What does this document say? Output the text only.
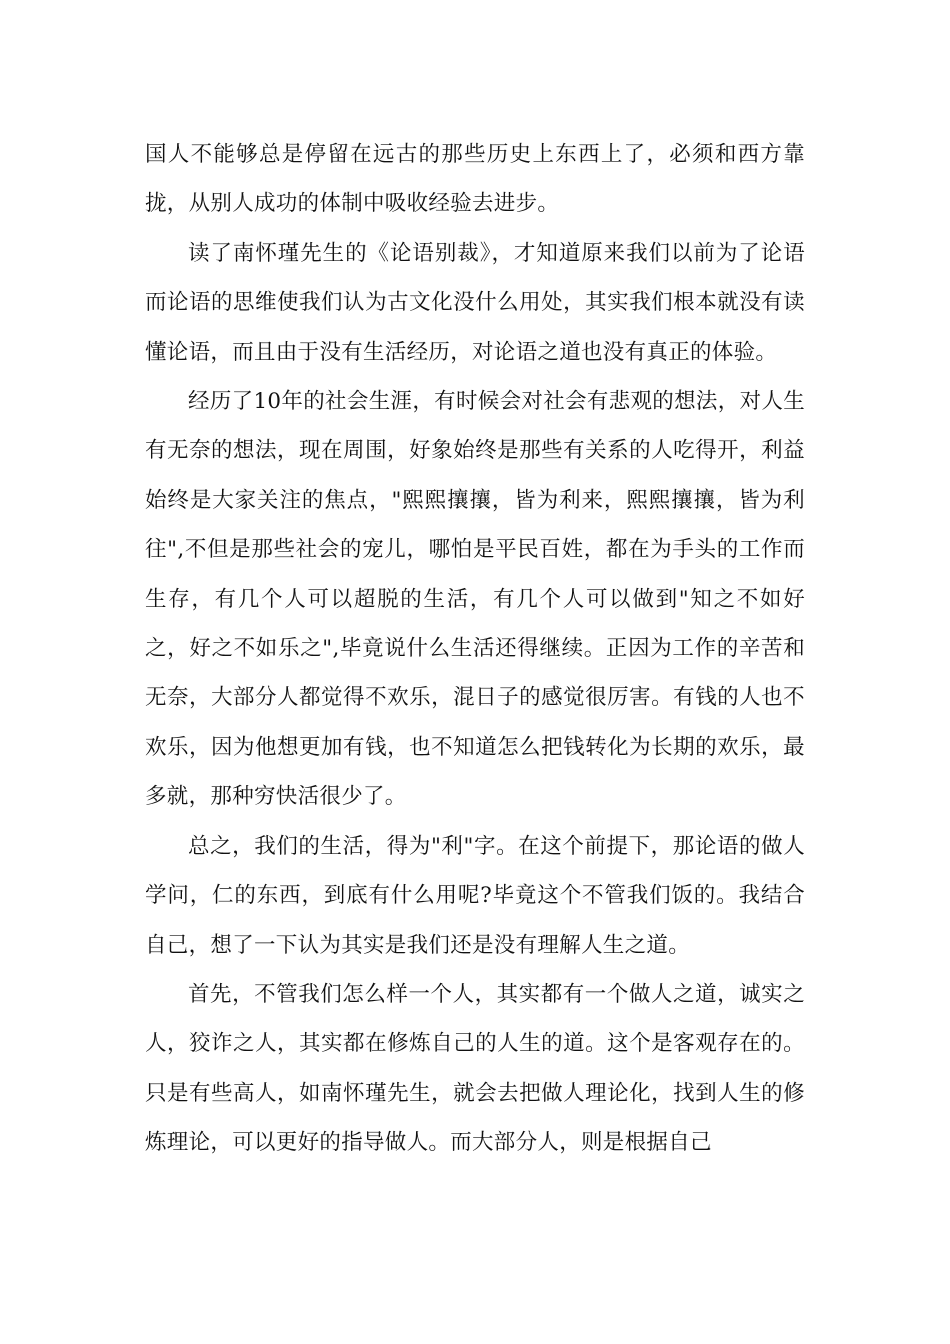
国人不能够总是停留在远古的那些历史上东西上了，必须和西方靠拢，从别人成功的体制中吸收经验去进步。

读了南怀瑾先生的《论语别裁》，才知道原来我们以前为了论语而论语的思维使我们认为古文化没什么用处，其实我们根本就没有读懂论语，而且由于没有生活经历，对论语之道也没有真正的体验。

经历了10年的社会生涯，有时候会对社会有悲观的想法，对人生有无奈的想法，现在周围，好象始终是那些有关系的人吃得开，利益始终是大家关注的焦点，"熙熙攘攘，皆为利来，熙熙攘攘，皆为利往",不但是那些社会的宠儿，哪怕是平民百姓，都在为手头的工作而生存，有几个人可以超脱的生活，有几个人可以做到"知之不如好之，好之不如乐之",毕竟说什么生活还得继续。正因为工作的辛苦和无奈，大部分人都觉得不欢乐，混日子的感觉很厉害。有钱的人也不欢乐，因为他想更加有钱，也不知道怎么把钱转化为长期的欢乐，最多就，那种穷快活很少了。

总之，我们的生活，得为"利"字。在这个前提下，那论语的做人学问，仁的东西，到底有什么用呢?毕竟这个不管我们饭的。我结合自己，想了一下认为其实是我们还是没有理解人生之道。

首先，不管我们怎么样一个人，其实都有一个做人之道，诚实之人，狡诈之人，其实都在修炼自己的人生的道。这个是客观存在的。只是有些高人，如南怀瑾先生，就会去把做人理论化，找到人生的修炼理论，可以更好的指导做人。而大部分人，则是根据自己
